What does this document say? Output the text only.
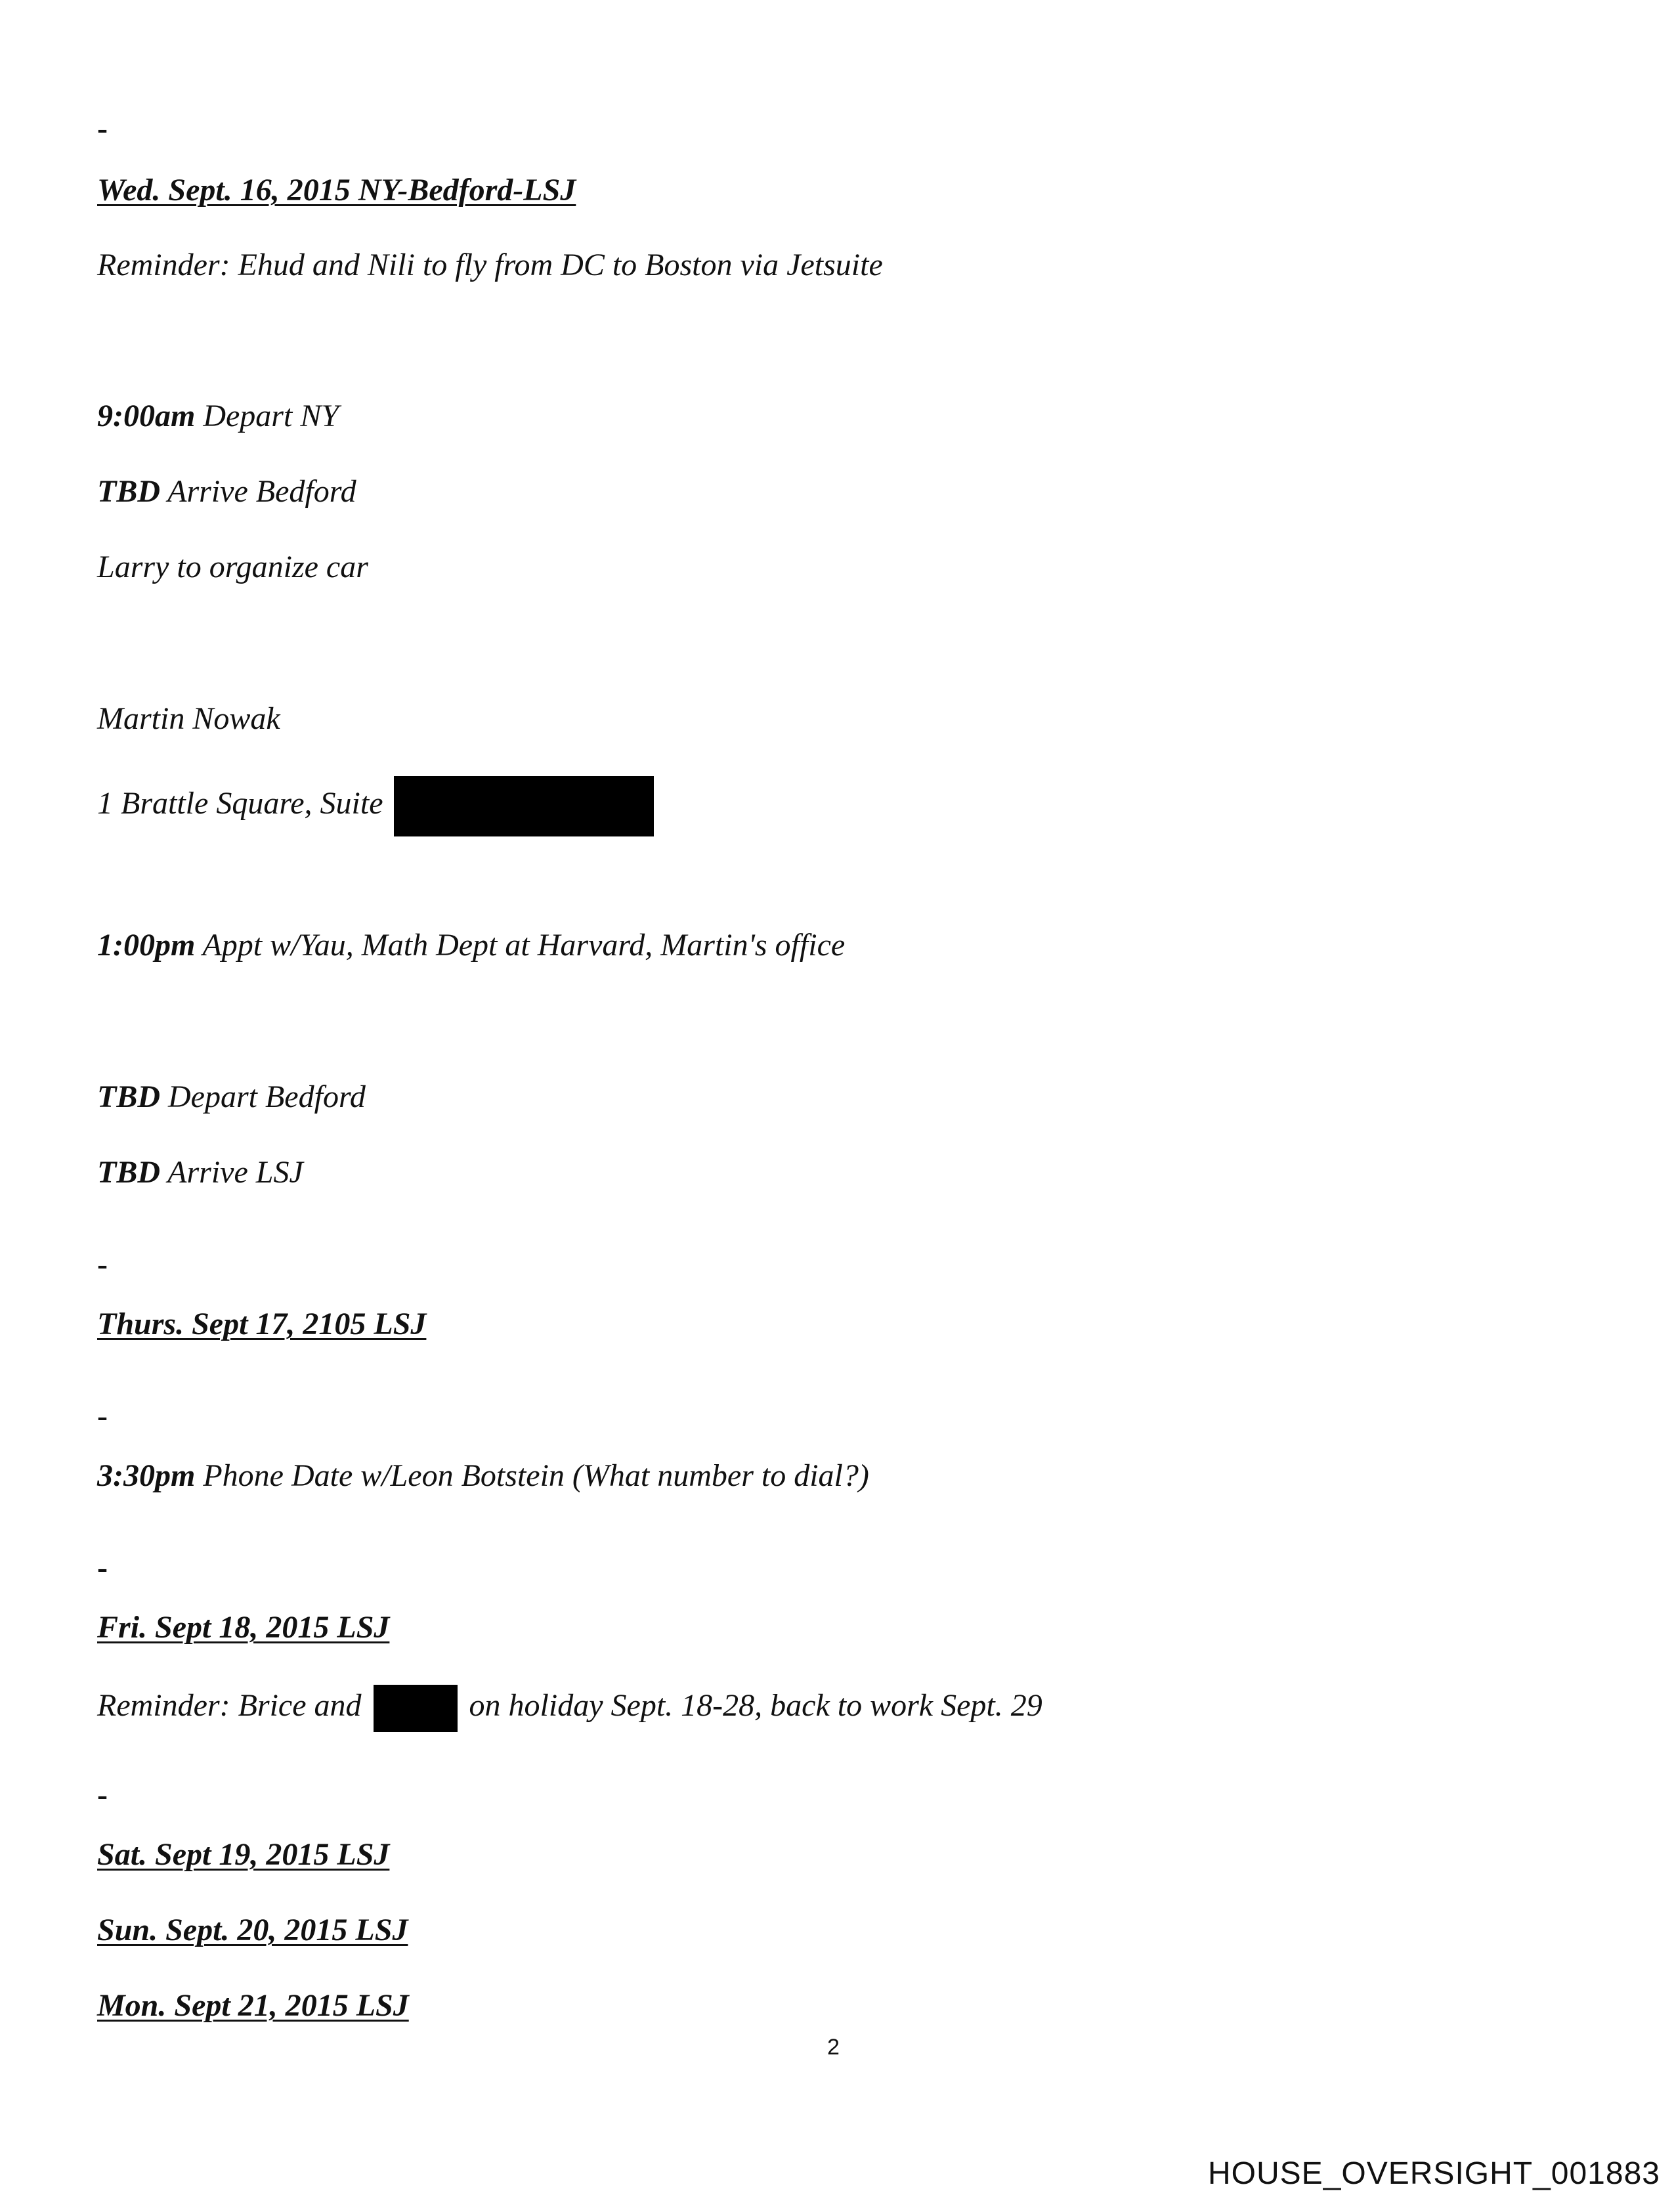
-
Wed. Sept. 16, 2015 NY-Bedford-LSJ
Reminder: Ehud and Nili to fly from DC to Boston via Jetsuite
9:00am Depart NY
TBD Arrive Bedford
Larry to organize car
Martin Nowak
1 Brattle Square, Suite
1:00pm Appt w/Yau, Math Dept at Harvard, Martin's office
TBD Depart Bedford
TBD Arrive LSJ
-
Thurs. Sept 17, 2105 LSJ
-
3:30pm Phone Date w/Leon Botstein (What number to dial?)
-
Fri. Sept 18, 2015 LSJ
Reminder: Brice and	on holiday Sept. 18-28, back to work Sept. 29
-
Sat. Sept 19, 2015 LSJ
Sun. Sept. 20, 2015 LSJ
Mon. Sept 21, 2015 LSJ
2
HOUSE_OVERSIGHT_001883
